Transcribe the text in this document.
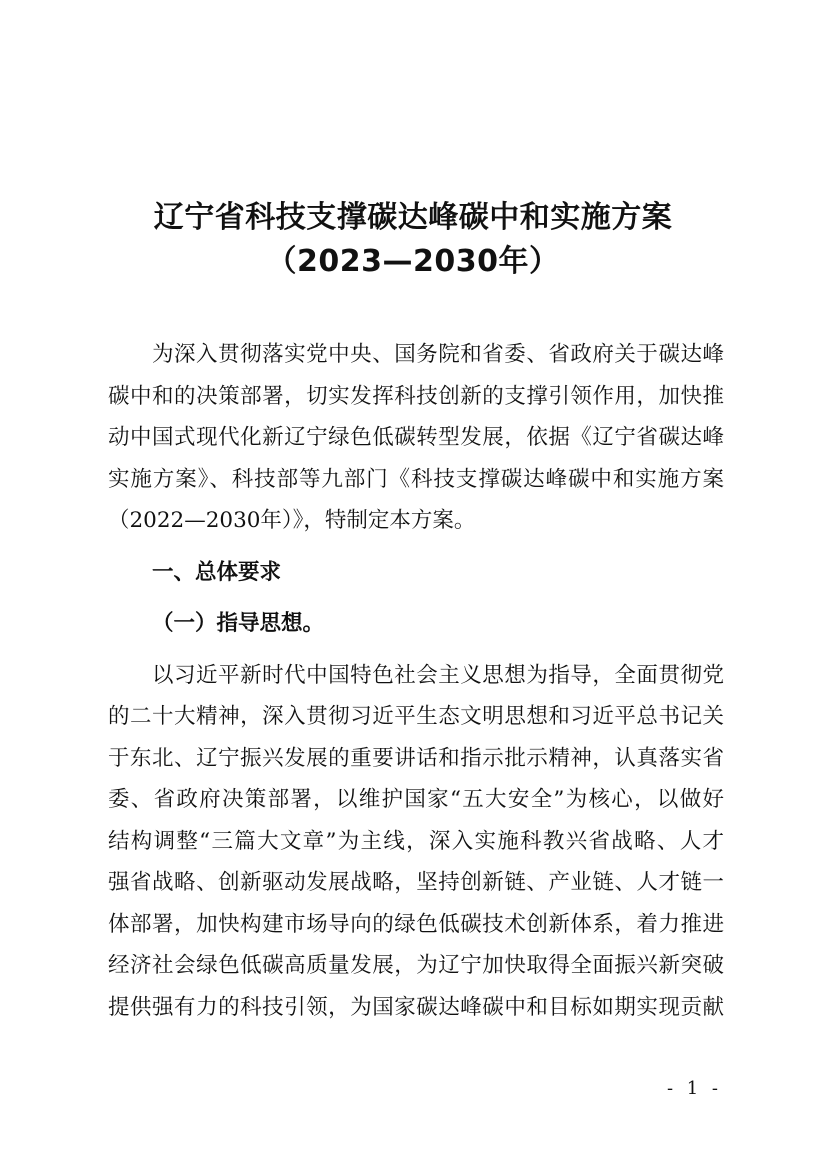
辽宁省科技支撑碳达峰碳中和实施方案
（2023—2030年）
为深入贯彻落实党中央、国务院和省委、省政府关于碳达峰
碳中和的决策部署，切实发挥科技创新的支撑引领作用，加快推
动中国式现代化新辽宁绿色低碳转型发展，依据《辽宁省碳达峰
实施方案》、科技部等九部门《科技支撑碳达峰碳中和实施方案
（2022—2030年）》，特制定本方案。
一、总体要求
（一）指导思想。
以习近平新时代中国特色社会主义思想为指导，全面贯彻党
的二十大精神，深入贯彻习近平生态文明思想和习近平总书记关
于东北、辽宁振兴发展的重要讲话和指示批示精神，认真落实省
委、省政府决策部署，以维护国家“五大安全”为核心，以做好
结构调整“三篇大文章”为主线，深入实施科教兴省战略、人才
强省战略、创新驱动发展战略，坚持创新链、产业链、人才链一
体部署，加快构建市场导向的绿色低碳技术创新体系，着力推进
经济社会绿色低碳高质量发展，为辽宁加快取得全面振兴新突破
提供强有力的科技引领，为国家碳达峰碳中和目标如期实现贡献
- 1 -
